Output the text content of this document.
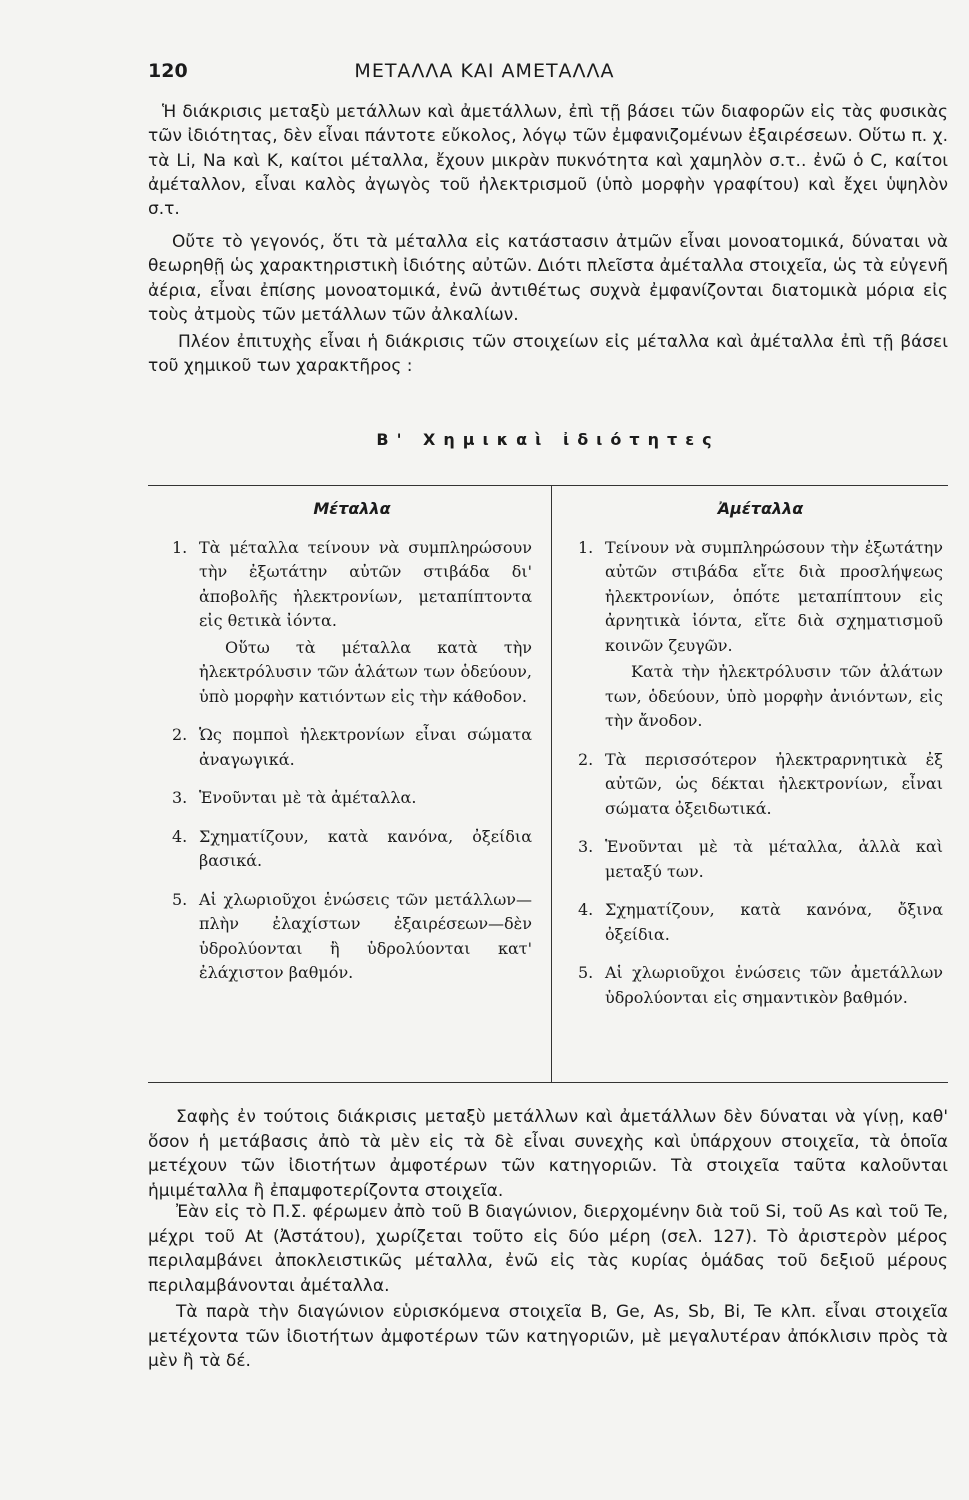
120	ΜΕΤΑΛΛΑ ΚΑΙ ΑΜΕΤΑΛΛΑ

Ἡ διάκρισις μεταξὺ μετάλλων καὶ ἀμετάλλων, ἐπὶ τῇ βάσει τῶν διαφορῶν εἰς τὰς φυσικὰς τῶν ἰδιότητας, δὲν εἶναι πάντοτε εὔκολος, λόγῳ τῶν ἐμφανιζομένων ἐξαιρέσεων. Οὕτω π. χ. τὰ Li, Na καὶ K, καίτοι μέταλλα, ἔχουν μικρὰν πυκνότητα καὶ χαμηλὸν σ.τ.. ἐνῶ ὁ C, καίτοι ἀμέταλλον, εἶναι καλὸς ἀγωγὸς τοῦ ἠλεκτρισμοῦ (ὑπὸ μορφὴν γραφίτου) καὶ ἔχει ὑψηλὸν σ.τ.

Οὔτε τὸ γεγονός, ὅτι τὰ μέταλλα εἰς κατάστασιν ἀτμῶν εἶναι μονοατομικά, δύναται νὰ θεωρηθῇ ὡς χαρακτηριστικὴ ἰδιότης αὐτῶν. Διότι πλεῖστα ἀμέταλλα στοιχεῖα, ὡς τὰ εὐγενῆ ἀέρια, εἶναι ἐπίσης μονοατομικά, ἐνῶ ἀντιθέτως συχνὰ ἐμφανίζονται διατομικὰ μόρια εἰς τοὺς ἀτμοὺς τῶν μετάλλων τῶν ἀλκαλίων.

Πλέον ἐπιτυχὴς εἶναι ἡ διάκρισις τῶν στοιχείων εἰς μέταλλα καὶ ἀμέταλλα ἐπὶ τῇ βάσει τοῦ χημικοῦ των χαρακτῆρος :

Β' Χημικαὶ ἰδιότητες
Μέταλλα
1. Τὰ μέταλλα τείνουν νὰ συμπληρώσουν τὴν ἐξωτάτην αὐτῶν στιβάδα δι' ἀποβολῆς ἠλεκτρονίων, μεταπίπτοντα εἰς θετικὰ ἰόντα.
Οὕτω τὰ μέταλλα κατὰ τὴν ἠλεκτρόλυσιν τῶν ἁλάτων των ὁδεύουν, ὑπὸ μορφὴν κατιόντων εἰς τὴν κάθοδον.
2. Ὡς πομποὶ ἠλεκτρονίων εἶναι σώματα ἀναγωγικά.
3. Ἑνοῦνται μὲ τὰ ἀμέταλλα.
4. Σχηματίζουν, κατὰ κανόνα, ὀξείδια βασικά.
5. Αἱ χλωριοῦχοι ἑνώσεις τῶν μετάλλων—πλὴν ἐλαχίστων ἐξαιρέσεων—δὲν ὑδρολύονται ἢ ὑδρολύονται κατ' ἐλάχιστον βαθμόν.
Ἀμέταλλα
1. Τείνουν νὰ συμπληρώσουν τὴν ἐξωτάτην αὐτῶν στιβάδα εἴτε διὰ προσλήψεως ἠλεκτρονίων, ὁπότε μεταπίπτουν εἰς ἀρνητικὰ ἰόντα, εἴτε διὰ σχηματισμοῦ κοινῶν ζευγῶν.
Κατὰ τὴν ἠλεκτρόλυσιν τῶν ἁλάτων των, ὁδεύουν, ὑπὸ μορφὴν ἀνιόντων, εἰς τὴν ἄνοδον.
2. Τὰ περισσότερον ἠλεκτραρνητικὰ ἐξ αὐτῶν, ὡς δέκται ἠλεκτρονίων, εἶναι σώματα ὀξειδωτικά.
3. Ἑνοῦνται μὲ τὰ μέταλλα, ἀλλὰ καὶ μεταξύ των.
4. Σχηματίζουν, κατὰ κανόνα, ὄξινα ὀξείδια.
5. Αἱ χλωριοῦχοι ἑνώσεις τῶν ἀμετάλλων ὑδρολύονται εἰς σημαντικὸν βαθμόν.

Σαφὴς ἐν τούτοις διάκρισις μεταξὺ μετάλλων καὶ ἀμετάλλων δὲν δύναται νὰ γίνῃ, καθ' ὅσον ἡ μετάβασις ἀπὸ τὰ μὲν εἰς τὰ δὲ εἶναι συνεχὴς καὶ ὑπάρχουν στοιχεῖα, τὰ ὁποῖα μετέχουν τῶν ἰδιοτήτων ἀμφοτέρων τῶν κατηγοριῶν. Τὰ στοιχεῖα ταῦτα καλοῦνται ἡμιμέταλλα ἢ ἐπαμφοτερίζοντα στοιχεῖα.

Ἐὰν εἰς τὸ Π.Σ. φέρωμεν ἀπὸ τοῦ B διαγώνιον, διερχομένην διὰ τοῦ Si, τοῦ As καὶ τοῦ Te, μέχρι τοῦ At (Ἀστάτου), χωρίζεται τοῦτο εἰς δύο μέρη (σελ. 127). Τὸ ἀριστερὸν μέρος περιλαμβάνει ἀποκλειστικῶς μέταλλα, ἐνῶ εἰς τὰς κυρίας ὁμάδας τοῦ δεξιοῦ μέρους περιλαμβάνονται ἀμέταλλα.

Τὰ παρὰ τὴν διαγώνιον εὑρισκόμενα στοιχεῖα B, Ge, As, Sb, Bi, Te κλπ. εἶναι στοιχεῖα μετέχοντα τῶν ἰδιοτήτων ἀμφοτέρων τῶν κατηγοριῶν, μὲ μεγαλυτέραν ἀπόκλισιν πρὸς τὰ μὲν ἢ τὰ δέ.
